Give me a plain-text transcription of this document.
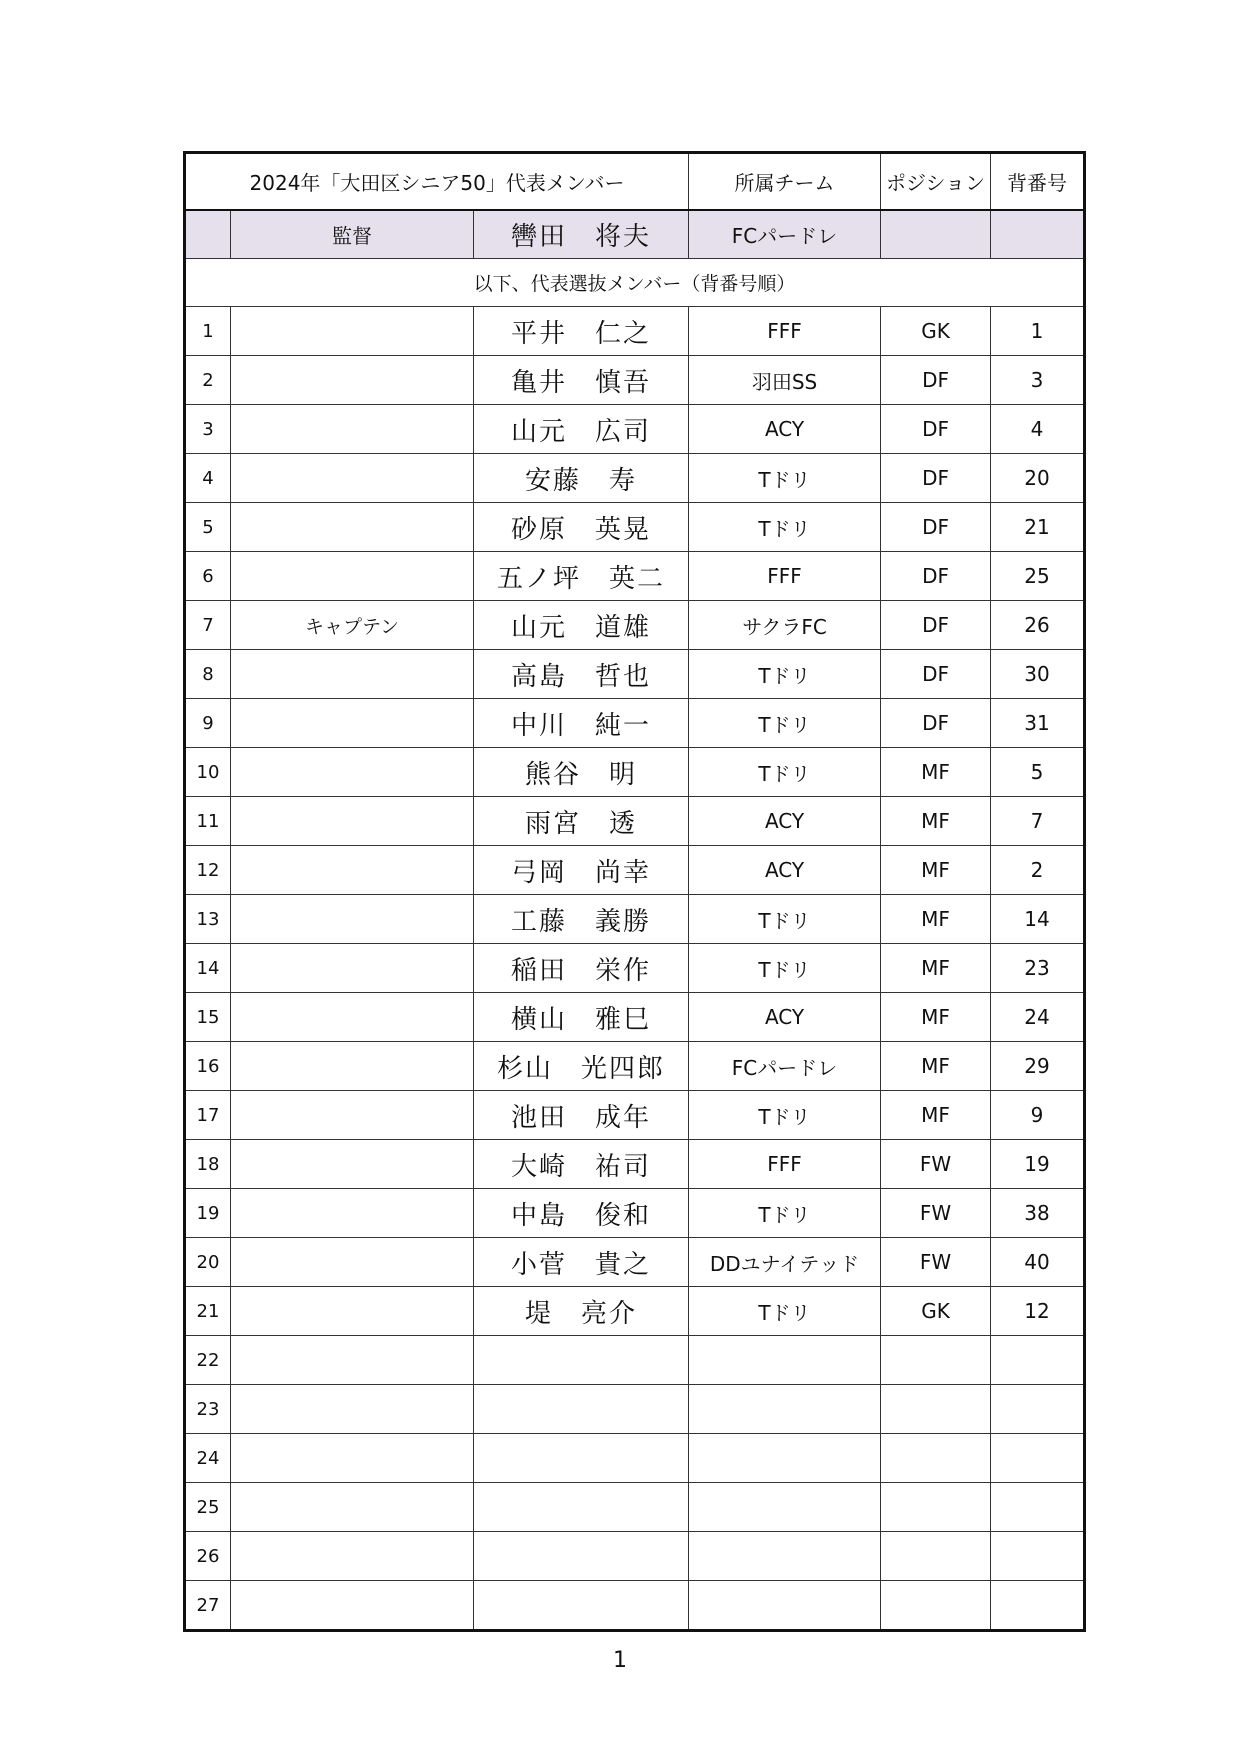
2024年「大田区シニア50」代表メンバー			所属チーム	ポジション	背番号
	監督	轡田　将夫	FCパードレ		
以下、代表選抜メンバー（背番号順）					
1		平井　仁之	FFF	GK	1
2		亀井　慎吾	羽田SS	DF	3
3		山元　広司	ACY	DF	4
4		安藤　寿	Tドリ	DF	20
5		砂原　英晃	Tドリ	DF	21
6		五ノ坪　英二	FFF	DF	25
7	キャプテン	山元　道雄	サクラFC	DF	26
8		高島　哲也	Tドリ	DF	30
9		中川　純一	Tドリ	DF	31
10		熊谷　明	Tドリ	MF	5
11		雨宮　透	ACY	MF	7
12		弓岡　尚幸	ACY	MF	2
13		工藤　義勝	Tドリ	MF	14
14		稲田　栄作	Tドリ	MF	23
15		横山　雅巳	ACY	MF	24
16		杉山　光四郎	FCパードレ	MF	29
17		池田　成年	Tドリ	MF	9
18		大崎　祐司	FFF	FW	19
19		中島　俊和	Tドリ	FW	38
20		小菅　貴之	DDユナイテッド	FW	40
21		堤　亮介	Tドリ	GK	12
22					
23					
24					
25					
26					
27					
1
